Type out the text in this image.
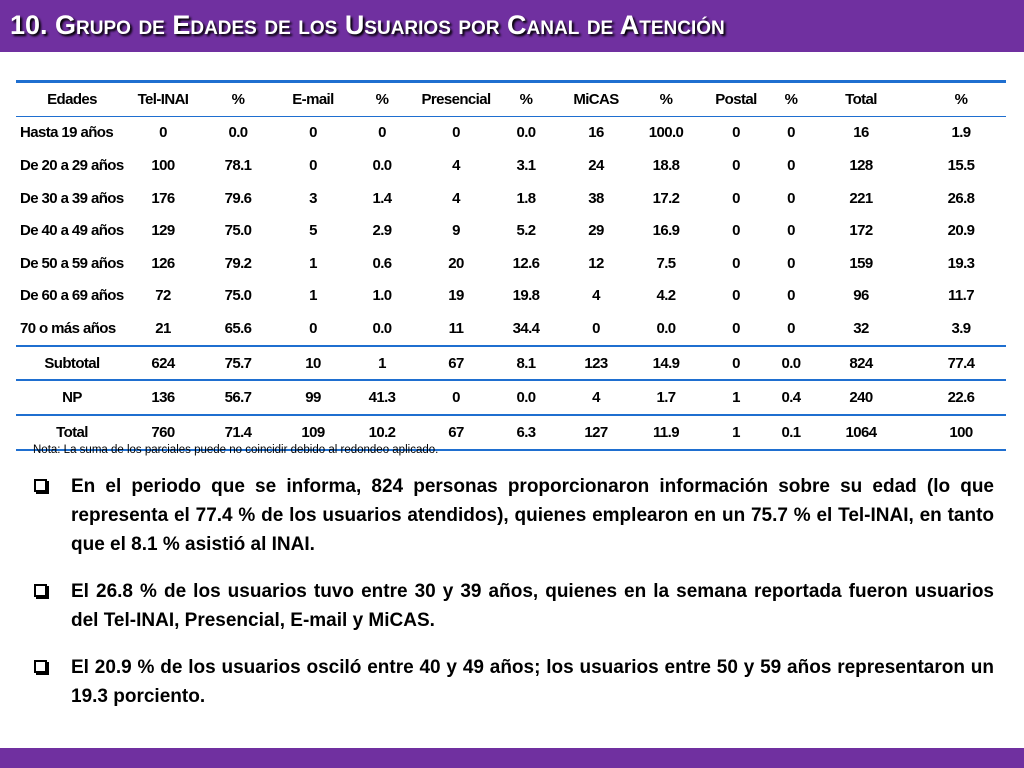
10. Grupo de Edades de los Usuarios por Canal de Atención
Edades	Tel-INAI	%	E-mail	%	Presencial	%	MiCAS	%	Postal	%	Total	%
Hasta 19 años	0	0.0	0	0	0	0.0	16	100.0	0	0	16	1.9
De 20 a 29 años	100	78.1	0	0.0	4	3.1	24	18.8	0	0	128	15.5
De 30 a 39 años	176	79.6	3	1.4	4	1.8	38	17.2	0	0	221	26.8
De 40 a 49 años	129	75.0	5	2.9	9	5.2	29	16.9	0	0	172	20.9
De 50 a 59 años	126	79.2	1	0.6	20	12.6	12	7.5	0	0	159	19.3
De 60 a 69 años	72	75.0	1	1.0	19	19.8	4	4.2	0	0	96	11.7
70 o más años	21	65.6	0	0.0	11	34.4	0	0.0	0	0	32	3.9
Subtotal	624	75.7	10	1	67	8.1	123	14.9	0	0.0	824	77.4
NP	136	56.7	99	41.3	0	0.0	4	1.7	1	0.4	240	22.6
Total	760	71.4	109	10.2	67	6.3	127	11.9	1	0.1	1064	100
Nota: La suma de los parciales puede no coincidir debido al redondeo aplicado.
En el periodo que se informa, 824 personas proporcionaron información sobre su edad (lo que representa el 77.4 % de los usuarios atendidos), quienes emplearon en un 75.7 % el Tel-INAI, en tanto que el 8.1 % asistió al INAI.
El 26.8 % de los usuarios tuvo entre 30 y 39 años, quienes en la semana reportada fueron usuarios del Tel-INAI, Presencial, E-mail y MiCAS.
El 20.9 % de los usuarios osciló entre 40 y 49 años; los usuarios entre 50 y 59 años representaron un 19.3 porciento.
